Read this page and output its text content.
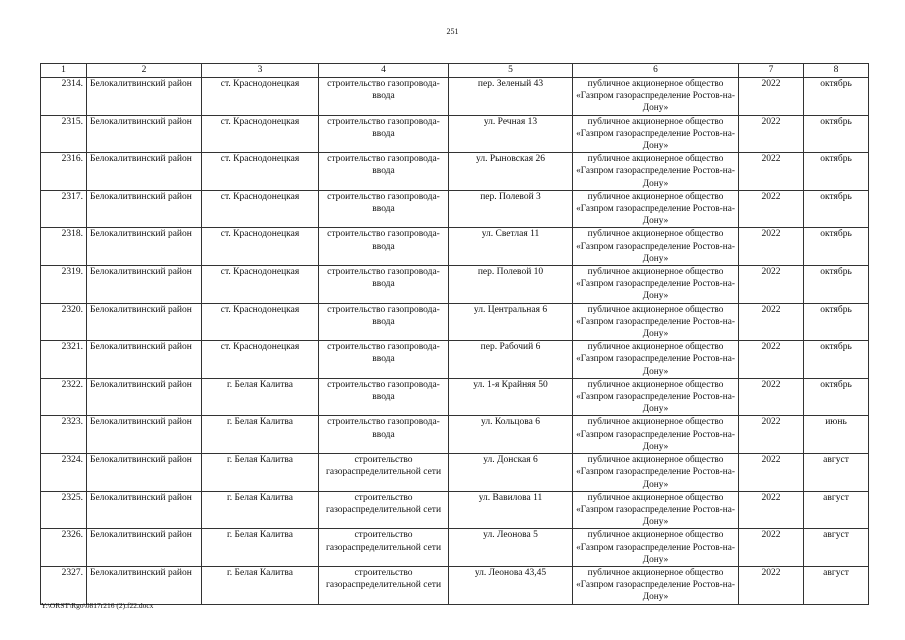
251
1	2	3	4	5	6	7	8
2314.	Белокалитвинский район	ст. Краснодонецкая	строительство газопровода-ввода	пер. Зеленый 43	публичное акционерное общество «Газпром газораспределение Ростов-на-Дону»	2022	октябрь
2315.	Белокалитвинский район	ст. Краснодонецкая	строительство газопровода-ввода	ул. Речная 13	публичное акционерное общество «Газпром газораспределение Ростов-на-Дону»	2022	октябрь
2316.	Белокалитвинский район	ст. Краснодонецкая	строительство газопровода-ввода	ул. Рыновская 26	публичное акционерное общество «Газпром газораспределение Ростов-на-Дону»	2022	октябрь
2317.	Белокалитвинский район	ст. Краснодонецкая	строительство газопровода-ввода	пер. Полевой 3	публичное акционерное общество «Газпром газораспределение Ростов-на-Дону»	2022	октябрь
2318.	Белокалитвинский район	ст. Краснодонецкая	строительство газопровода-ввода	ул. Светлая 11	публичное акционерное общество «Газпром газораспределение Ростов-на-Дону»	2022	октябрь
2319.	Белокалитвинский район	ст. Краснодонецкая	строительство газопровода-ввода	пер. Полевой 10	публичное акционерное общество «Газпром газораспределение Ростов-на-Дону»	2022	октябрь
2320.	Белокалитвинский район	ст. Краснодонецкая	строительство газопровода-ввода	ул. Центральная 6	публичное акционерное общество «Газпром газораспределение Ростов-на-Дону»	2022	октябрь
2321.	Белокалитвинский район	ст. Краснодонецкая	строительство газопровода-ввода	пер. Рабочий 6	публичное акционерное общество «Газпром газораспределение Ростов-на-Дону»	2022	октябрь
2322.	Белокалитвинский район	г. Белая Калитва	строительство газопровода-ввода	ул. 1-я Крайняя 50	публичное акционерное общество «Газпром газораспределение Ростов-на-Дону»	2022	октябрь
2323.	Белокалитвинский район	г. Белая Калитва	строительство газопровода-ввода	ул. Кольцова 6	публичное акционерное общество «Газпром газораспределение Ростов-на-Дону»	2022	июнь
2324.	Белокалитвинский район	г. Белая Калитва	строительство газораспределительной сети	ул. Донская 6	публичное акционерное общество «Газпром газораспределение Ростов-на-Дону»	2022	август
2325.	Белокалитвинский район	г. Белая Калитва	строительство газораспределительной сети	ул. Вавилова 11	публичное акционерное общество «Газпром газораспределение Ростов-на-Дону»	2022	август
2326.	Белокалитвинский район	г. Белая Калитва	строительство газораспределительной сети	ул. Леонова 5	публичное акционерное общество «Газпром газораспределение Ростов-на-Дону»	2022	август
2327.	Белокалитвинский район	г. Белая Калитва	строительство газораспределительной сети	ул. Леонова 43,45	публичное акционерное общество «Газпром газораспределение Ростов-на-Дону»	2022	август
Y:\ORST\Rgo\0817r216 (2).f22.docx
